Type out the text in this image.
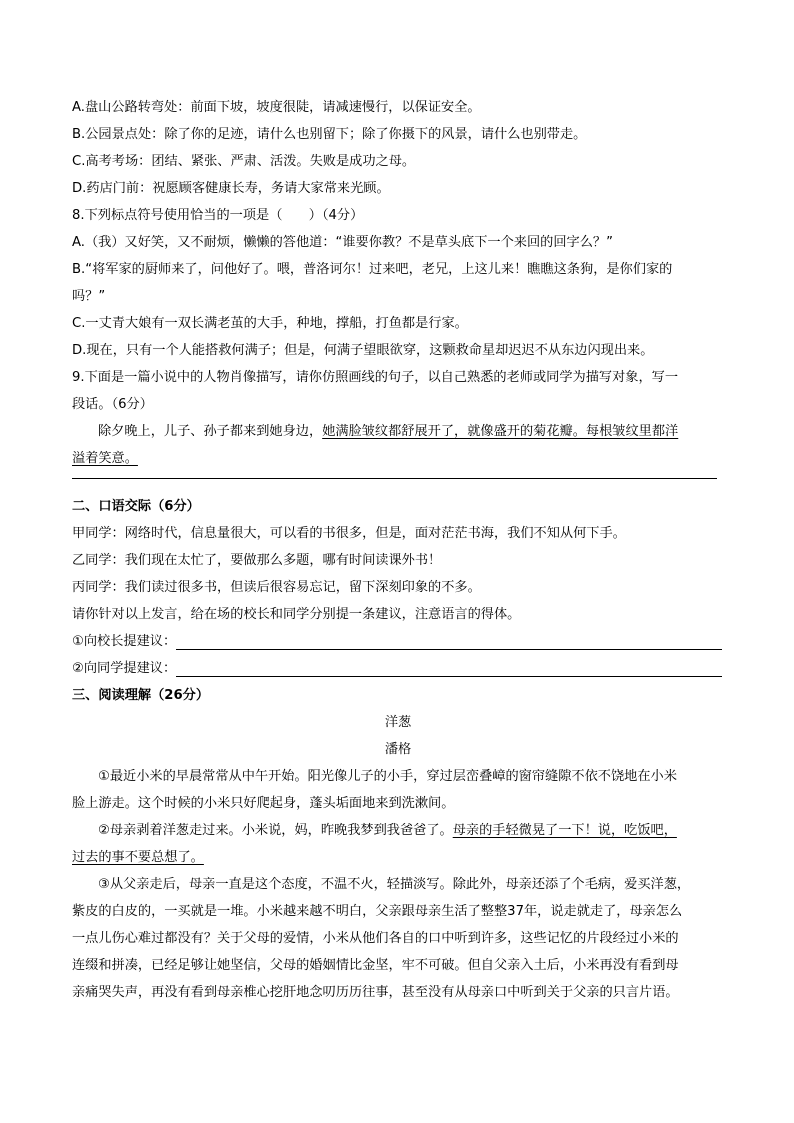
A.盘山公路转弯处：前面下坡，坡度很陡，请减速慢行，以保证安全。
B.公园景点处：除了你的足迹，请什么也别留下；除了你摄下的风景，请什么也别带走。
C.高考考场：团结、紧张、严肃、活泼。失败是成功之母。
D.药店门前：祝愿顾客健康长寿，务请大家常来光顾。
8.下列标点符号使用恰当的一项是（　　）（4分）
A.（我）又好笑，又不耐烦，懒懒的答他道：“谁要你教？不是草头底下一个来回的回字么？”
B.“将军家的厨师来了，问他好了。喂，普洛诃尔！过来吧，老兄，上这儿来！瞧瞧这条狗，是你们家的
吗？”
C.一丈青大娘有一双长满老茧的大手，种地，撑船，打鱼都是行家。
D.现在，只有一个人能搭救何满子；但是，何满子望眼欲穿，这颗救命星却迟迟不从东边闪现出来。
9.下面是一篇小说中的人物肖像描写，请你仿照画线的句子，以自己熟悉的老师或同学为描写对象，写一
段话。（6分）
除夕晚上，儿子、孙子都来到她身边，她满脸皱纹都舒展开了，就像盛开的菊花瓣。每根皱纹里都洋
溢着笑意。
二、口语交际（6分）
甲同学：网络时代，信息量很大，可以看的书很多，但是，面对茫茫书海，我们不知从何下手。
乙同学：我们现在太忙了，要做那么多题，哪有时间读课外书！
丙同学：我们读过很多书，但读后很容易忘记，留下深刻印象的不多。
请你针对以上发言，给在场的校长和同学分别提一条建议，注意语言的得体。
①向校长提建议：
②向同学提建议：
三、阅读理解（26分）
洋葱
潘格
①最近小米的早晨常常从中午开始。阳光像儿子的小手，穿过层峦叠嶂的窗帘缝隙不依不饶地在小米
脸上游走。这个时候的小米只好爬起身，蓬头垢面地来到洗漱间。
②母亲剥着洋葱走过来。小米说，妈，昨晚我梦到我爸爸了。母亲的手轻微晃了一下！说，吃饭吧，
过去的事不要总想了。
③从父亲走后，母亲一直是这个态度，不温不火，轻描淡写。除此外，母亲还添了个毛病，爱买洋葱，
紫皮的白皮的，一买就是一堆。小米越来越不明白，父亲跟母亲生活了整整37年，说走就走了，母亲怎么
一点儿伤心难过都没有？关于父母的爱情，小米从他们各自的口中听到许多，这些记忆的片段经过小米的
连缀和拼凑，已经足够让她坚信，父母的婚姻情比金坚，牢不可破。但自父亲入土后，小米再没有看到母
亲痛哭失声，再没有看到母亲椎心挖肝地念叨历历往事，甚至没有从母亲口中听到关于父亲的只言片语。
